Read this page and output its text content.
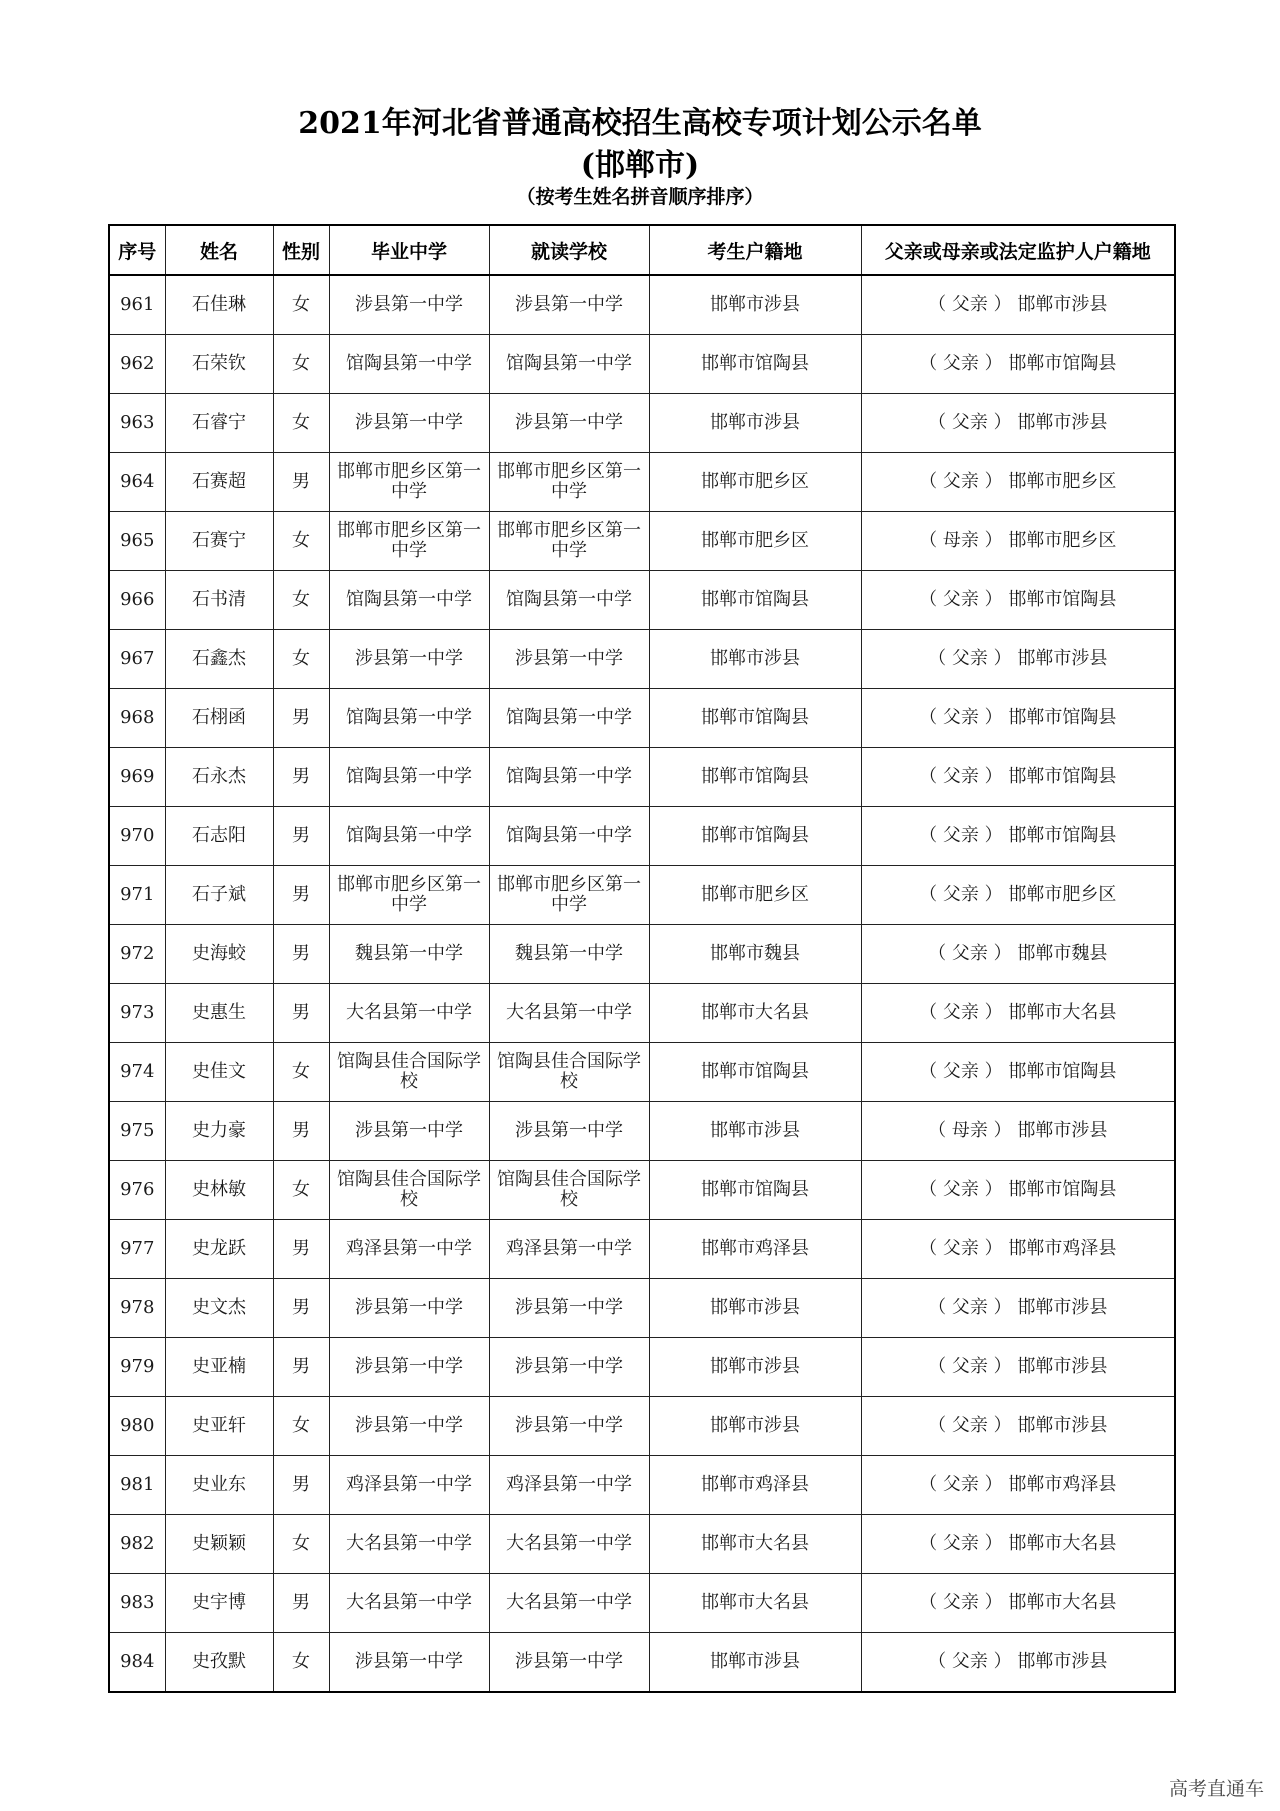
2021年河北省普通高校招生高校专项计划公示名单
(邯郸市)
（按考生姓名拼音顺序排序）
序号	姓名	性别	毕业中学	就读学校	考生户籍地	父亲或母亲或法定监护人户籍地
961	石佳琳	女	涉县第一中学	涉县第一中学	邯郸市涉县	（ 父亲 ） 邯郸市涉县
962	石荣钦	女	馆陶县第一中学	馆陶县第一中学	邯郸市馆陶县	（ 父亲 ） 邯郸市馆陶县
963	石睿宁	女	涉县第一中学	涉县第一中学	邯郸市涉县	（ 父亲 ） 邯郸市涉县
964	石赛超	男	邯郸市肥乡区第一中学	邯郸市肥乡区第一中学	邯郸市肥乡区	（ 父亲 ） 邯郸市肥乡区
965	石赛宁	女	邯郸市肥乡区第一中学	邯郸市肥乡区第一中学	邯郸市肥乡区	（ 母亲 ） 邯郸市肥乡区
966	石书清	女	馆陶县第一中学	馆陶县第一中学	邯郸市馆陶县	（ 父亲 ） 邯郸市馆陶县
967	石鑫杰	女	涉县第一中学	涉县第一中学	邯郸市涉县	（ 父亲 ） 邯郸市涉县
968	石栩函	男	馆陶县第一中学	馆陶县第一中学	邯郸市馆陶县	（ 父亲 ） 邯郸市馆陶县
969	石永杰	男	馆陶县第一中学	馆陶县第一中学	邯郸市馆陶县	（ 父亲 ） 邯郸市馆陶县
970	石志阳	男	馆陶县第一中学	馆陶县第一中学	邯郸市馆陶县	（ 父亲 ） 邯郸市馆陶县
971	石子斌	男	邯郸市肥乡区第一中学	邯郸市肥乡区第一中学	邯郸市肥乡区	（ 父亲 ） 邯郸市肥乡区
972	史海蛟	男	魏县第一中学	魏县第一中学	邯郸市魏县	（ 父亲 ） 邯郸市魏县
973	史惠生	男	大名县第一中学	大名县第一中学	邯郸市大名县	（ 父亲 ） 邯郸市大名县
974	史佳文	女	馆陶县佳合国际学校	馆陶县佳合国际学校	邯郸市馆陶县	（ 父亲 ） 邯郸市馆陶县
975	史力豪	男	涉县第一中学	涉县第一中学	邯郸市涉县	（ 母亲 ） 邯郸市涉县
976	史林敏	女	馆陶县佳合国际学校	馆陶县佳合国际学校	邯郸市馆陶县	（ 父亲 ） 邯郸市馆陶县
977	史龙跃	男	鸡泽县第一中学	鸡泽县第一中学	邯郸市鸡泽县	（ 父亲 ） 邯郸市鸡泽县
978	史文杰	男	涉县第一中学	涉县第一中学	邯郸市涉县	（ 父亲 ） 邯郸市涉县
979	史亚楠	男	涉县第一中学	涉县第一中学	邯郸市涉县	（ 父亲 ） 邯郸市涉县
980	史亚轩	女	涉县第一中学	涉县第一中学	邯郸市涉县	（ 父亲 ） 邯郸市涉县
981	史业东	男	鸡泽县第一中学	鸡泽县第一中学	邯郸市鸡泽县	（ 父亲 ） 邯郸市鸡泽县
982	史颖颖	女	大名县第一中学	大名县第一中学	邯郸市大名县	（ 父亲 ） 邯郸市大名县
983	史宇博	男	大名县第一中学	大名县第一中学	邯郸市大名县	（ 父亲 ） 邯郸市大名县
984	史孜默	女	涉县第一中学	涉县第一中学	邯郸市涉县	（ 父亲 ） 邯郸市涉县
高考直通车
